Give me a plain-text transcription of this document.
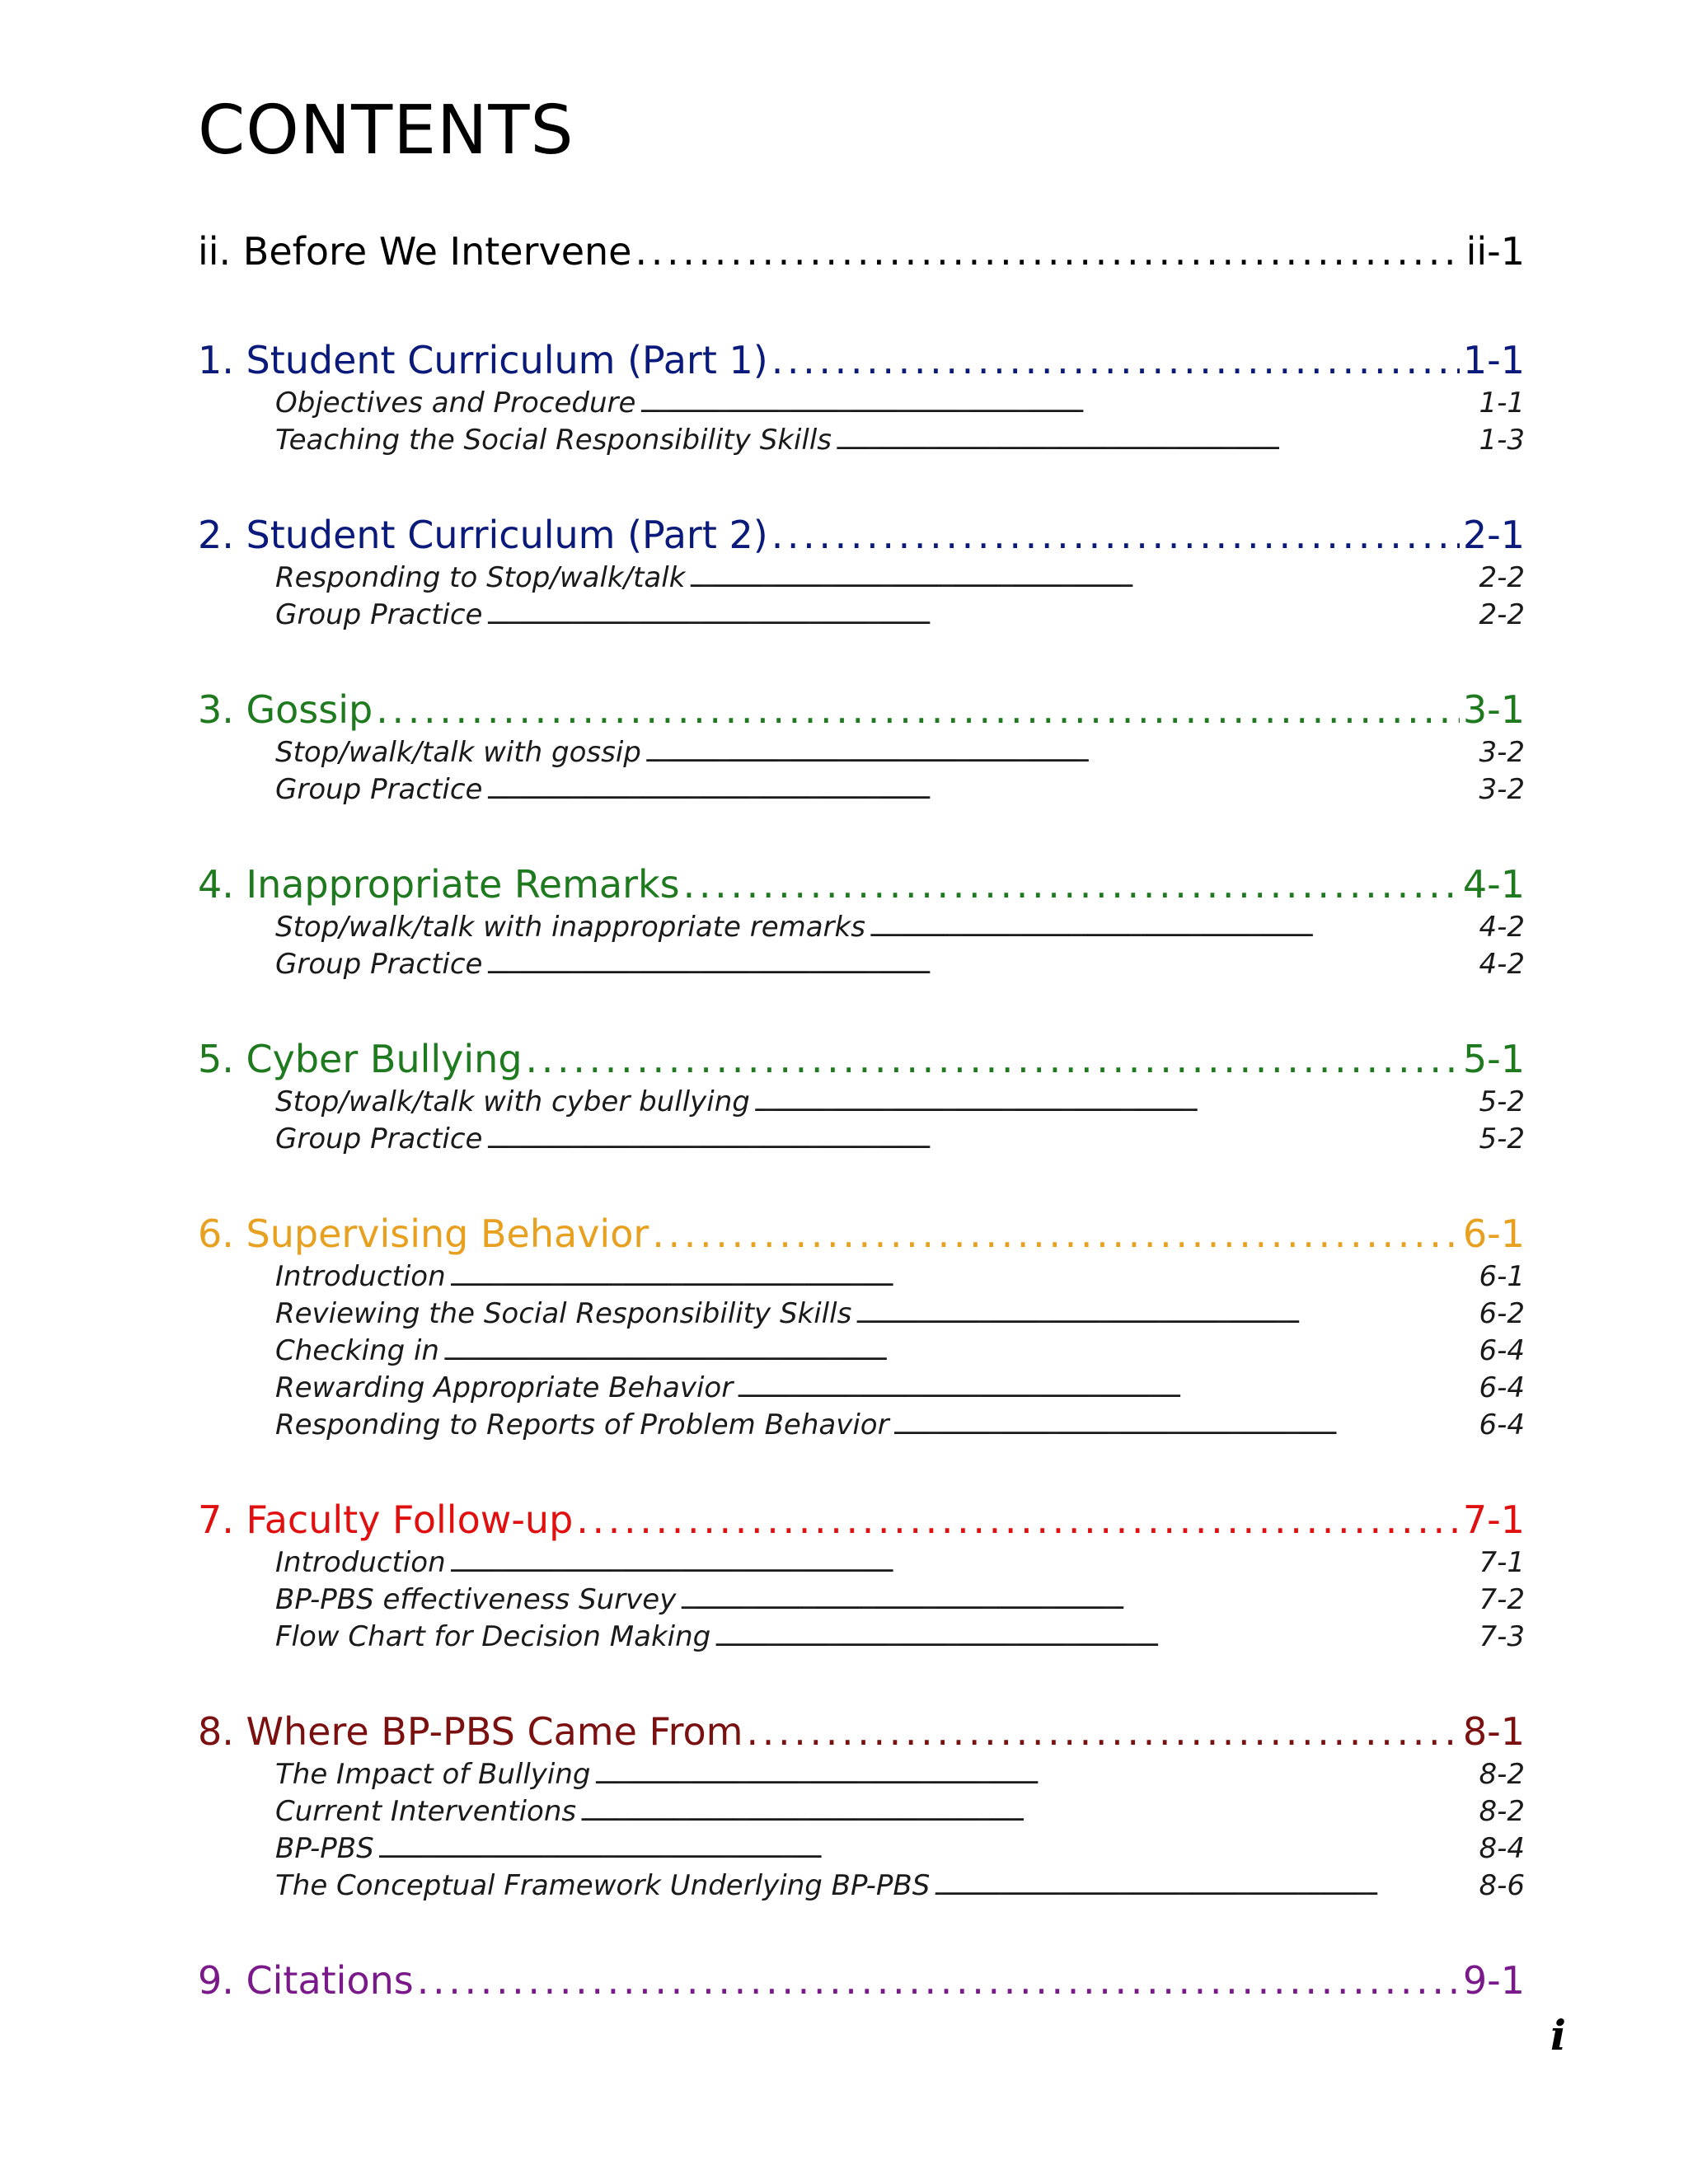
CONTENTS
ii. Before We Intervene . . .	ii-1
1. Student Curriculum (Part 1) . . .	1-1
Objectives and Procedure . . .	1-1
Teaching the Social Responsibility Skills . . .	1-3
2. Student Curriculum (Part 2) . . .	2-1
Responding to Stop/walk/talk . . .	2-2
Group Practice . . .	2-2
3. Gossip . . .	3-1
Stop/walk/talk with gossip . . .	3-2
Group Practice . . .	3-2
4. Inappropriate Remarks . . .	4-1
Stop/walk/talk with inappropriate remarks . . .	4-2
Group Practice . . .	4-2
5. Cyber Bullying . . .	5-1
Stop/walk/talk with cyber bullying . . .	5-2
Group Practice . . .	5-2
6. Supervising Behavior . . .	6-1
Introduction . . .	6-1
Reviewing the Social Responsibility Skills . . .	6-2
Checking in . . .	6-4
Rewarding Appropriate Behavior . . .	6-4
Responding to Reports of Problem Behavior . . .	6-4
7. Faculty Follow-up . . .	7-1
Introduction . . .	7-1
BP-PBS effectiveness Survey . . .	7-2
Flow Chart for Decision Making . . .	7-3
8. Where BP-PBS Came From . . .	8-1
The Impact of Bullying . . .	8-2
Current Interventions . . .	8-2
BP-PBS . . .	8-4
The Conceptual Framework Underlying BP-PBS . . .	8-6
9. Citations . . .	9-1
i
